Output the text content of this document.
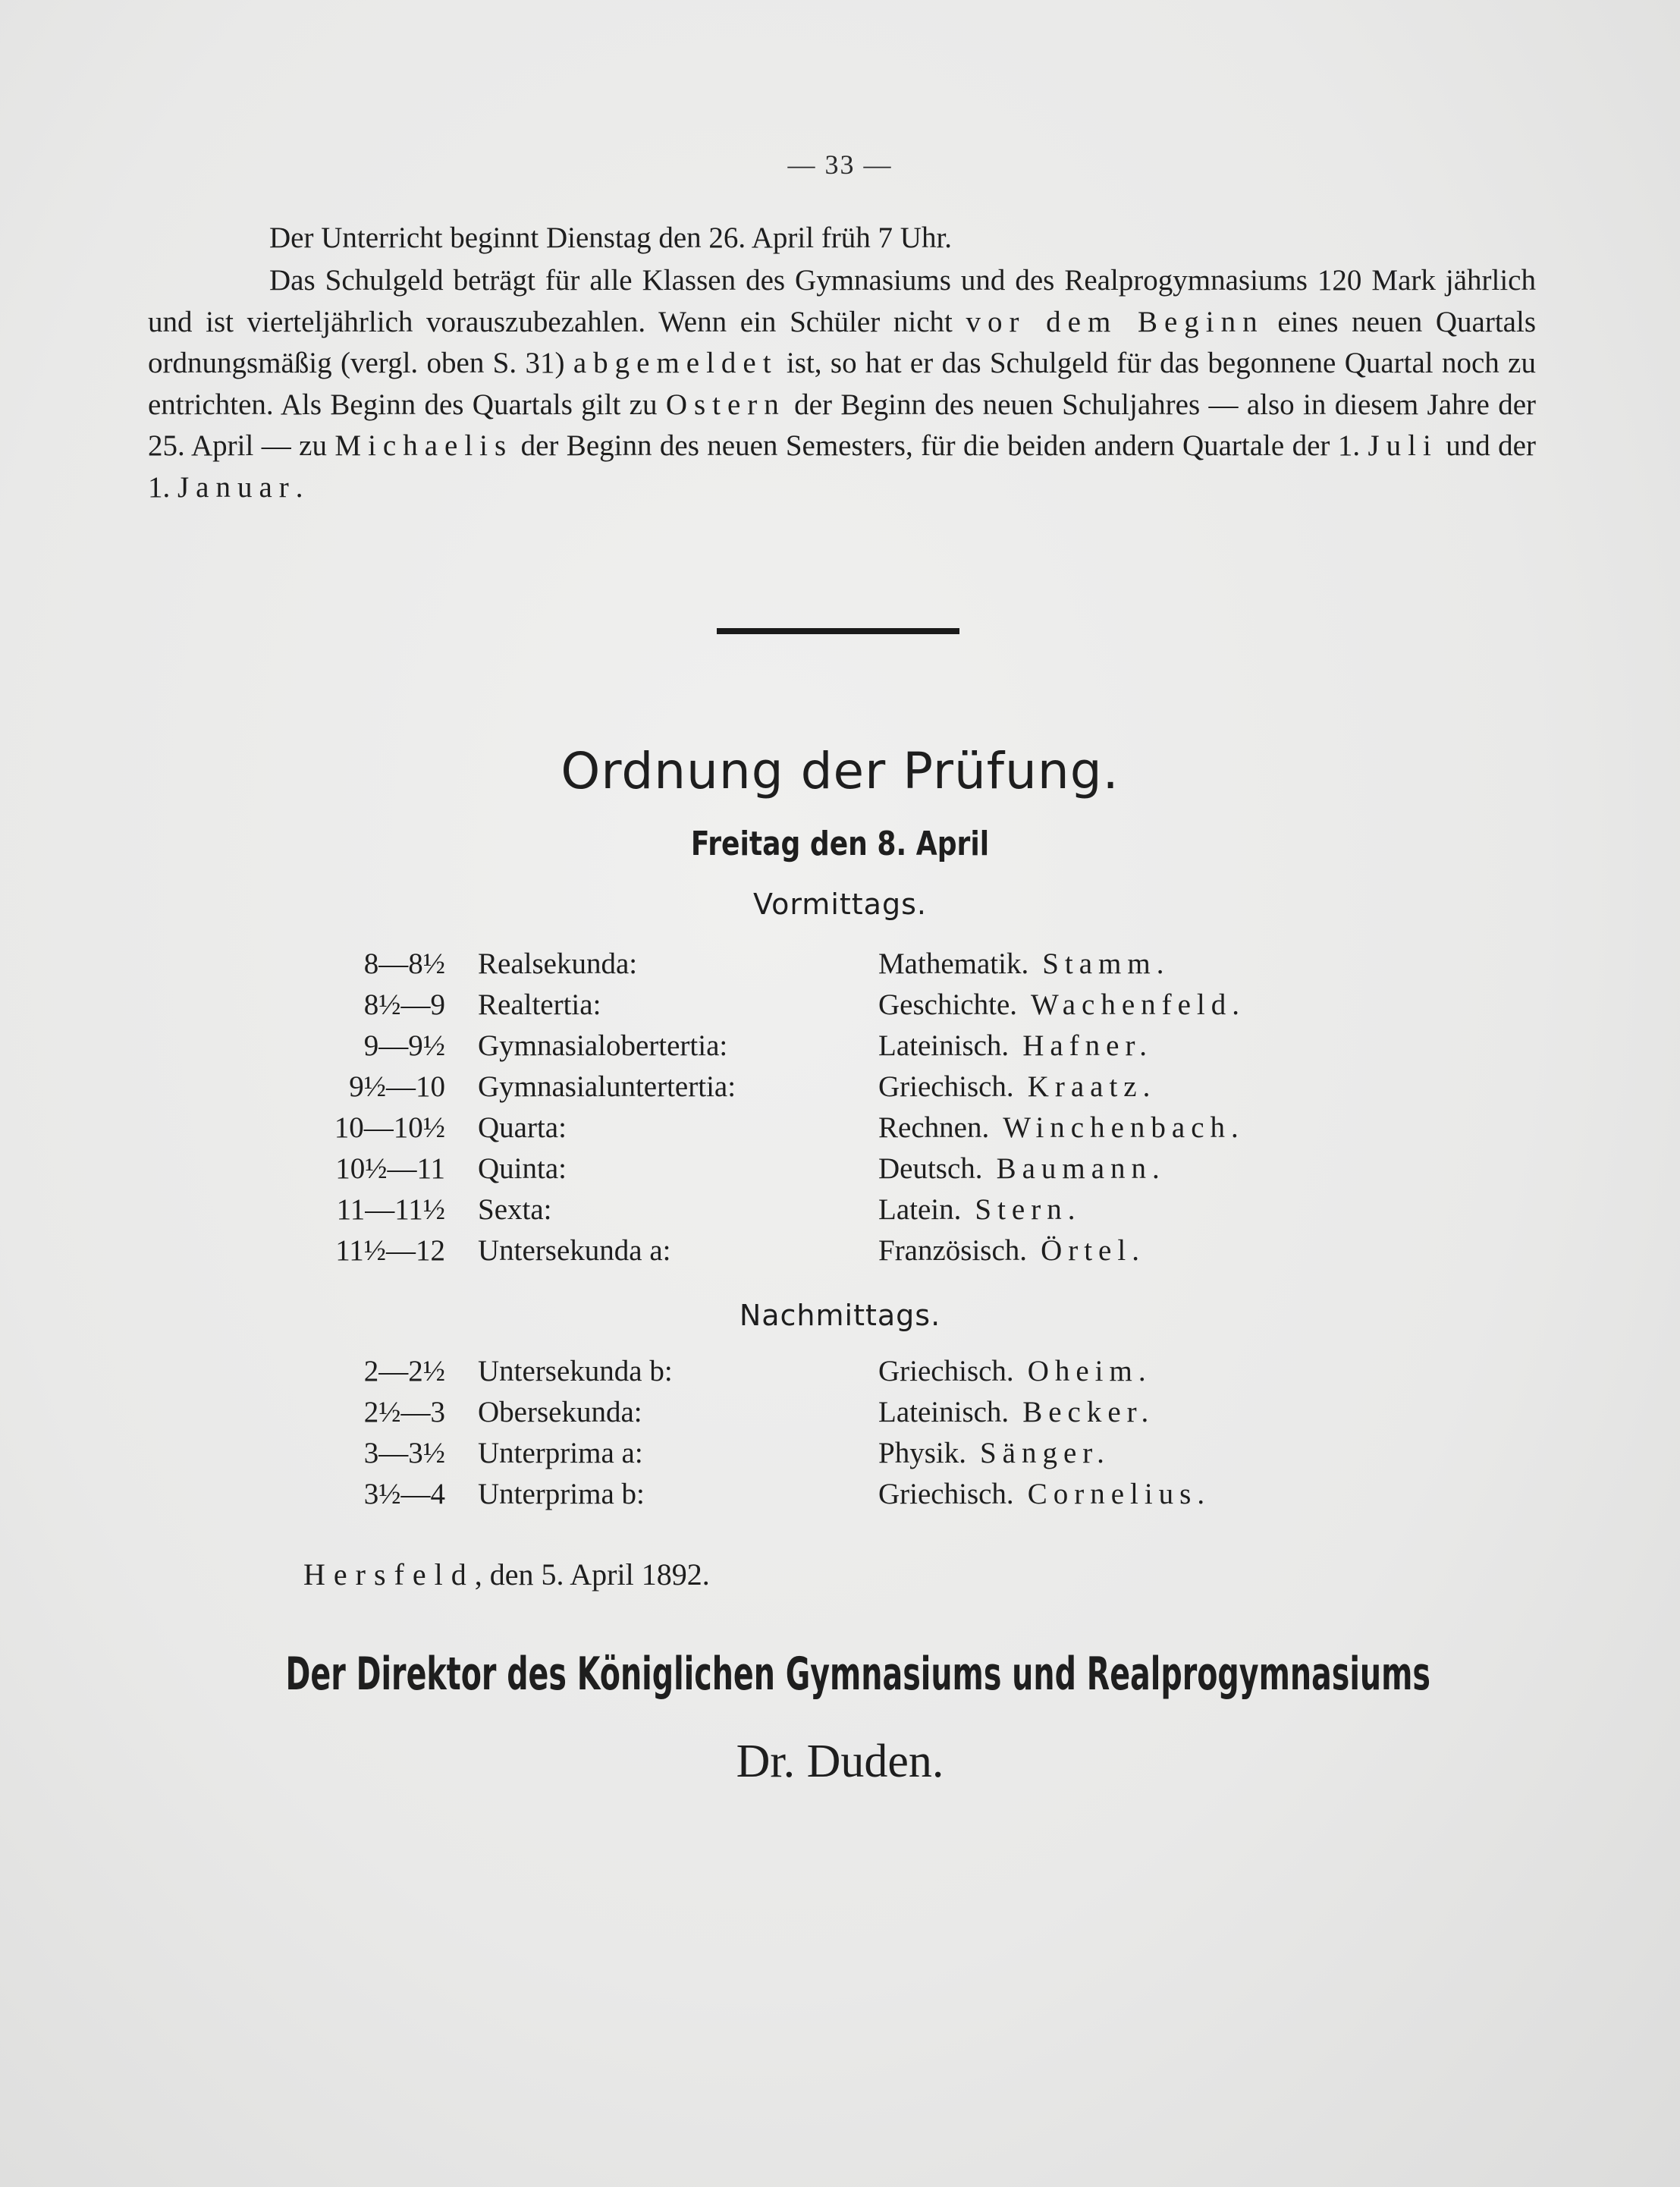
— 33 —
Der Unterricht beginnt Dienstag den 26. April früh 7 Uhr.
Das Schulgeld beträgt für alle Klassen des Gymnasiums und des Realprogymnasiums 120 Mark jährlich und ist vierteljährlich vorauszubezahlen. Wenn ein Schüler nicht vor dem Beginn eines neuen Quartals ordnungsmäßig (vergl. oben S. 31) abgemeldet ist, so hat er das Schulgeld für das begonnene Quartal noch zu entrichten. Als Beginn des Quartals gilt zu Ostern der Beginn des neuen Schuljahres — also in diesem Jahre der 25. April — zu Michaelis der Beginn des neuen Semesters, für die beiden andern Quartale der 1. Juli und der 1. Januar.
Ordnung der Prüfung.
Freitag den 8. April
Vormittags.
8—8½ Realsekunda:	Mathematik. Stamm.
8½—9 Realtertia:	Geschichte. Wachenfeld.
9—9½ Gymnasialobertertia:	Lateinisch. Hafner.
9½—10 Gymnasialuntertertia:	Griechisch. Kraatz.
10—10½ Quarta:	Rechnen. Winchenbach.
10½—11 Quinta:	Deutsch. Baumann.
11—11½ Sexta:	Latein. Stern.
11½—12 Untersekunda a:	Französisch. Örtel.
Nachmittags.
2—2½ Untersekunda b:	Griechisch. Oheim.
2½—3 Obersekunda:	Lateinisch. Becker.
3—3½ Unterprima a:	Physik. Sänger.
3½—4 Unterprima b:	Griechisch. Cornelius.
Hersfeld, den 5. April 1892.
Der Direktor des Königlichen Gymnasiums und Realprogymnasiums
Dr. Duden.
